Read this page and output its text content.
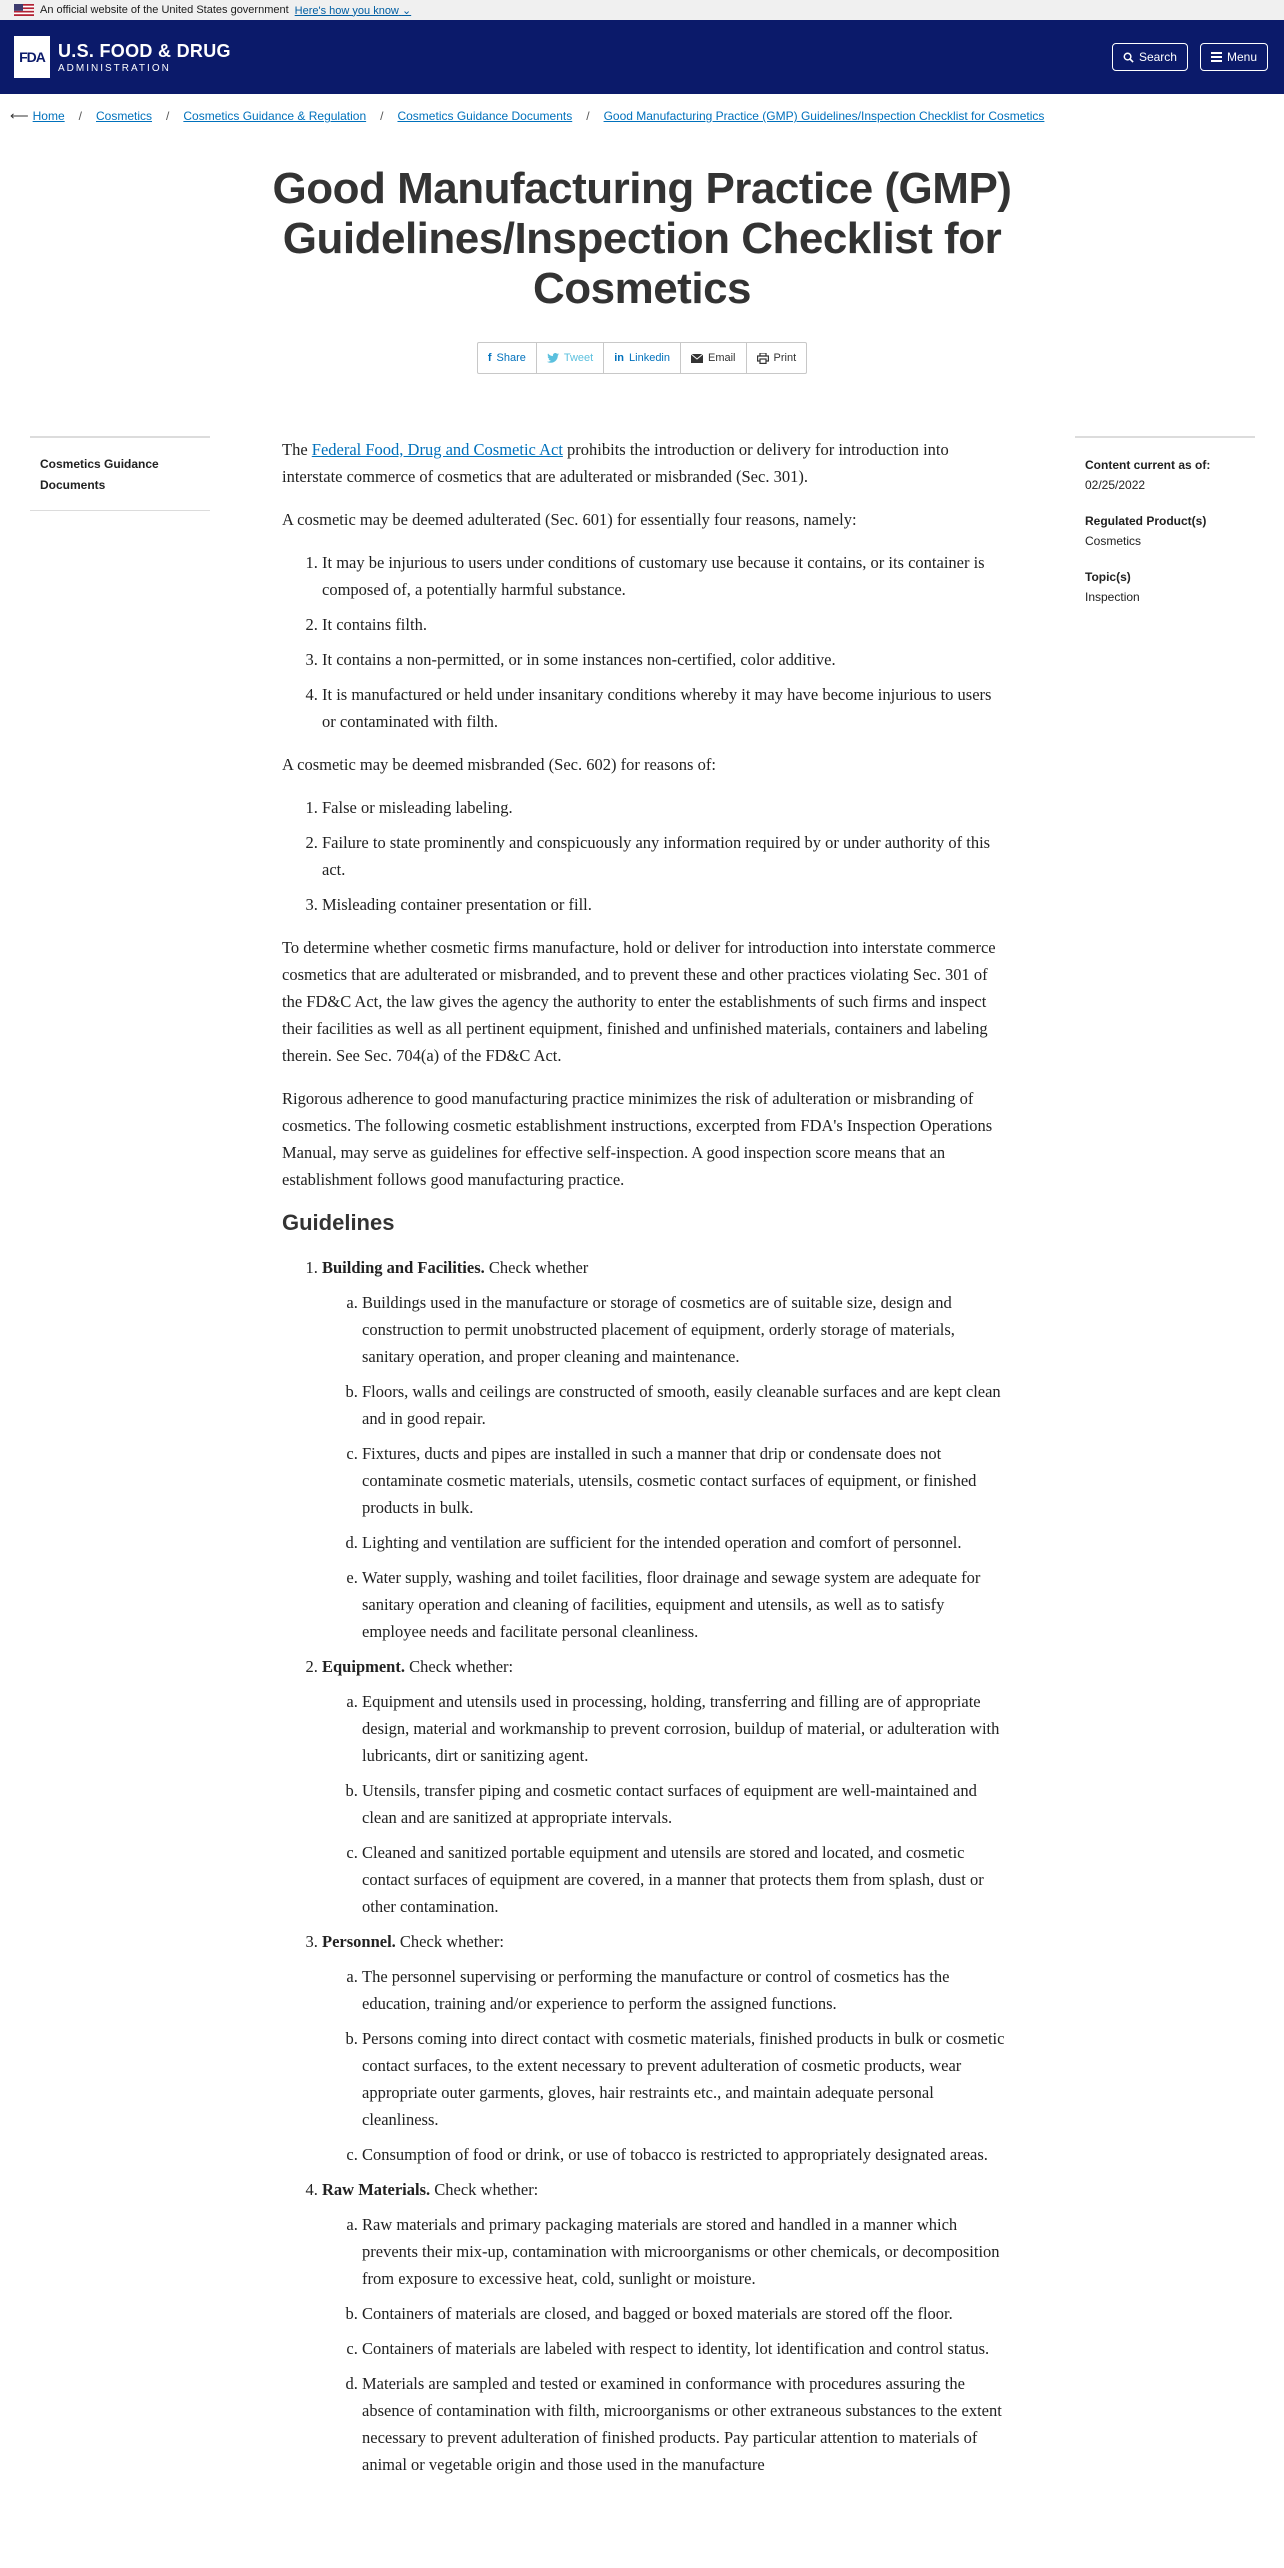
An official website of the United States government Here's how you know ⌄
FDA U.S. FOOD & DRUG
ADMINISTRATION
Search	Menu
⟵ Home / Cosmetics / Cosmetics Guidance & Regulation / Cosmetics Guidance Documents / Good Manufacturing Practice (GMP) Guidelines/Inspection Checklist for Cosmetics
Good Manufacturing Practice (GMP) Guidelines/Inspection Checklist for Cosmetics
f Share	Tweet in Linkedin	Email	Print
Cosmetics Guidance Documents
Content current as of:
02/25/2022
Regulated Product(s)
Cosmetics
Topic(s)
Inspection

The Federal Food, Drug and Cosmetic Act prohibits the introduction or delivery for introduction into interstate commerce of cosmetics that are adulterated or misbranded (Sec. 301).

A cosmetic may be deemed adulterated (Sec. 601) for essentially four reasons, namely:

1. It may be injurious to users under conditions of customary use because it contains, or its container is composed of, a potentially harmful substance.
2. It contains filth.
3. It contains a non-permitted, or in some instances non-certified, color additive.
4. It is manufactured or held under insanitary conditions whereby it may have become injurious to users or contaminated with filth.

A cosmetic may be deemed misbranded (Sec. 602) for reasons of:

1. False or misleading labeling.
2. Failure to state prominently and conspicuously any information required by or under authority of this act.
3. Misleading container presentation or fill.

To determine whether cosmetic firms manufacture, hold or deliver for introduction into interstate commerce cosmetics that are adulterated or misbranded, and to prevent these and other practices violating Sec. 301 of the FD&C Act, the law gives the agency the authority to enter the establishments of such firms and inspect their facilities as well as all pertinent equipment, finished and unfinished materials, containers and labeling therein. See Sec. 704(a) of the FD&C Act.

Rigorous adherence to good manufacturing practice minimizes the risk of adulteration or misbranding of cosmetics. The following cosmetic establishment instructions, excerpted from FDA's Inspection Operations Manual, may serve as guidelines for effective self-inspection. A good inspection score means that an establishment follows good manufacturing practice.

Guidelines
1. Building and Facilities. Check whether
a. Buildings used in the manufacture or storage of cosmetics are of suitable size, design and construction to permit unobstructed placement of equipment, orderly storage of materials, sanitary operation, and proper cleaning and maintenance.
b. Floors, walls and ceilings are constructed of smooth, easily cleanable surfaces and are kept clean and in good repair.
c. Fixtures, ducts and pipes are installed in such a manner that drip or condensate does not contaminate cosmetic materials, utensils, cosmetic contact surfaces of equipment, or finished products in bulk.
d. Lighting and ventilation are sufficient for the intended operation and comfort of personnel.
e. Water supply, washing and toilet facilities, floor drainage and sewage system are adequate for sanitary operation and cleaning of facilities, equipment and utensils, as well as to satisfy employee needs and facilitate personal cleanliness.
2. Equipment. Check whether:
a. Equipment and utensils used in processing, holding, transferring and filling are of appropriate design, material and workmanship to prevent corrosion, buildup of material, or adulteration with lubricants, dirt or sanitizing agent.
b. Utensils, transfer piping and cosmetic contact surfaces of equipment are well-maintained and clean and are sanitized at appropriate intervals.
c. Cleaned and sanitized portable equipment and utensils are stored and located, and cosmetic contact surfaces of equipment are covered, in a manner that protects them from splash, dust or other contamination.
3. Personnel. Check whether:
a. The personnel supervising or performing the manufacture or control of cosmetics has the education, training and/or experience to perform the assigned functions.
b. Persons coming into direct contact with cosmetic materials, finished products in bulk or cosmetic contact surfaces, to the extent necessary to prevent adulteration of cosmetic products, wear appropriate outer garments, gloves, hair restraints etc., and maintain adequate personal cleanliness.
c. Consumption of food or drink, or use of tobacco is restricted to appropriately designated areas.
4. Raw Materials. Check whether:
a. Raw materials and primary packaging materials are stored and handled in a manner which prevents their mix-up, contamination with microorganisms or other chemicals, or decomposition from exposure to excessive heat, cold, sunlight or moisture.
b. Containers of materials are closed, and bagged or boxed materials are stored off the floor.
c. Containers of materials are labeled with respect to identity, lot identification and control status.
d. Materials are sampled and tested or examined in conformance with procedures assuring the absence of contamination with filth, microorganisms or other extraneous substances to the extent necessary to prevent adulteration of finished products. Pay particular attention to materials of animal or vegetable origin and those used in the manufacture
